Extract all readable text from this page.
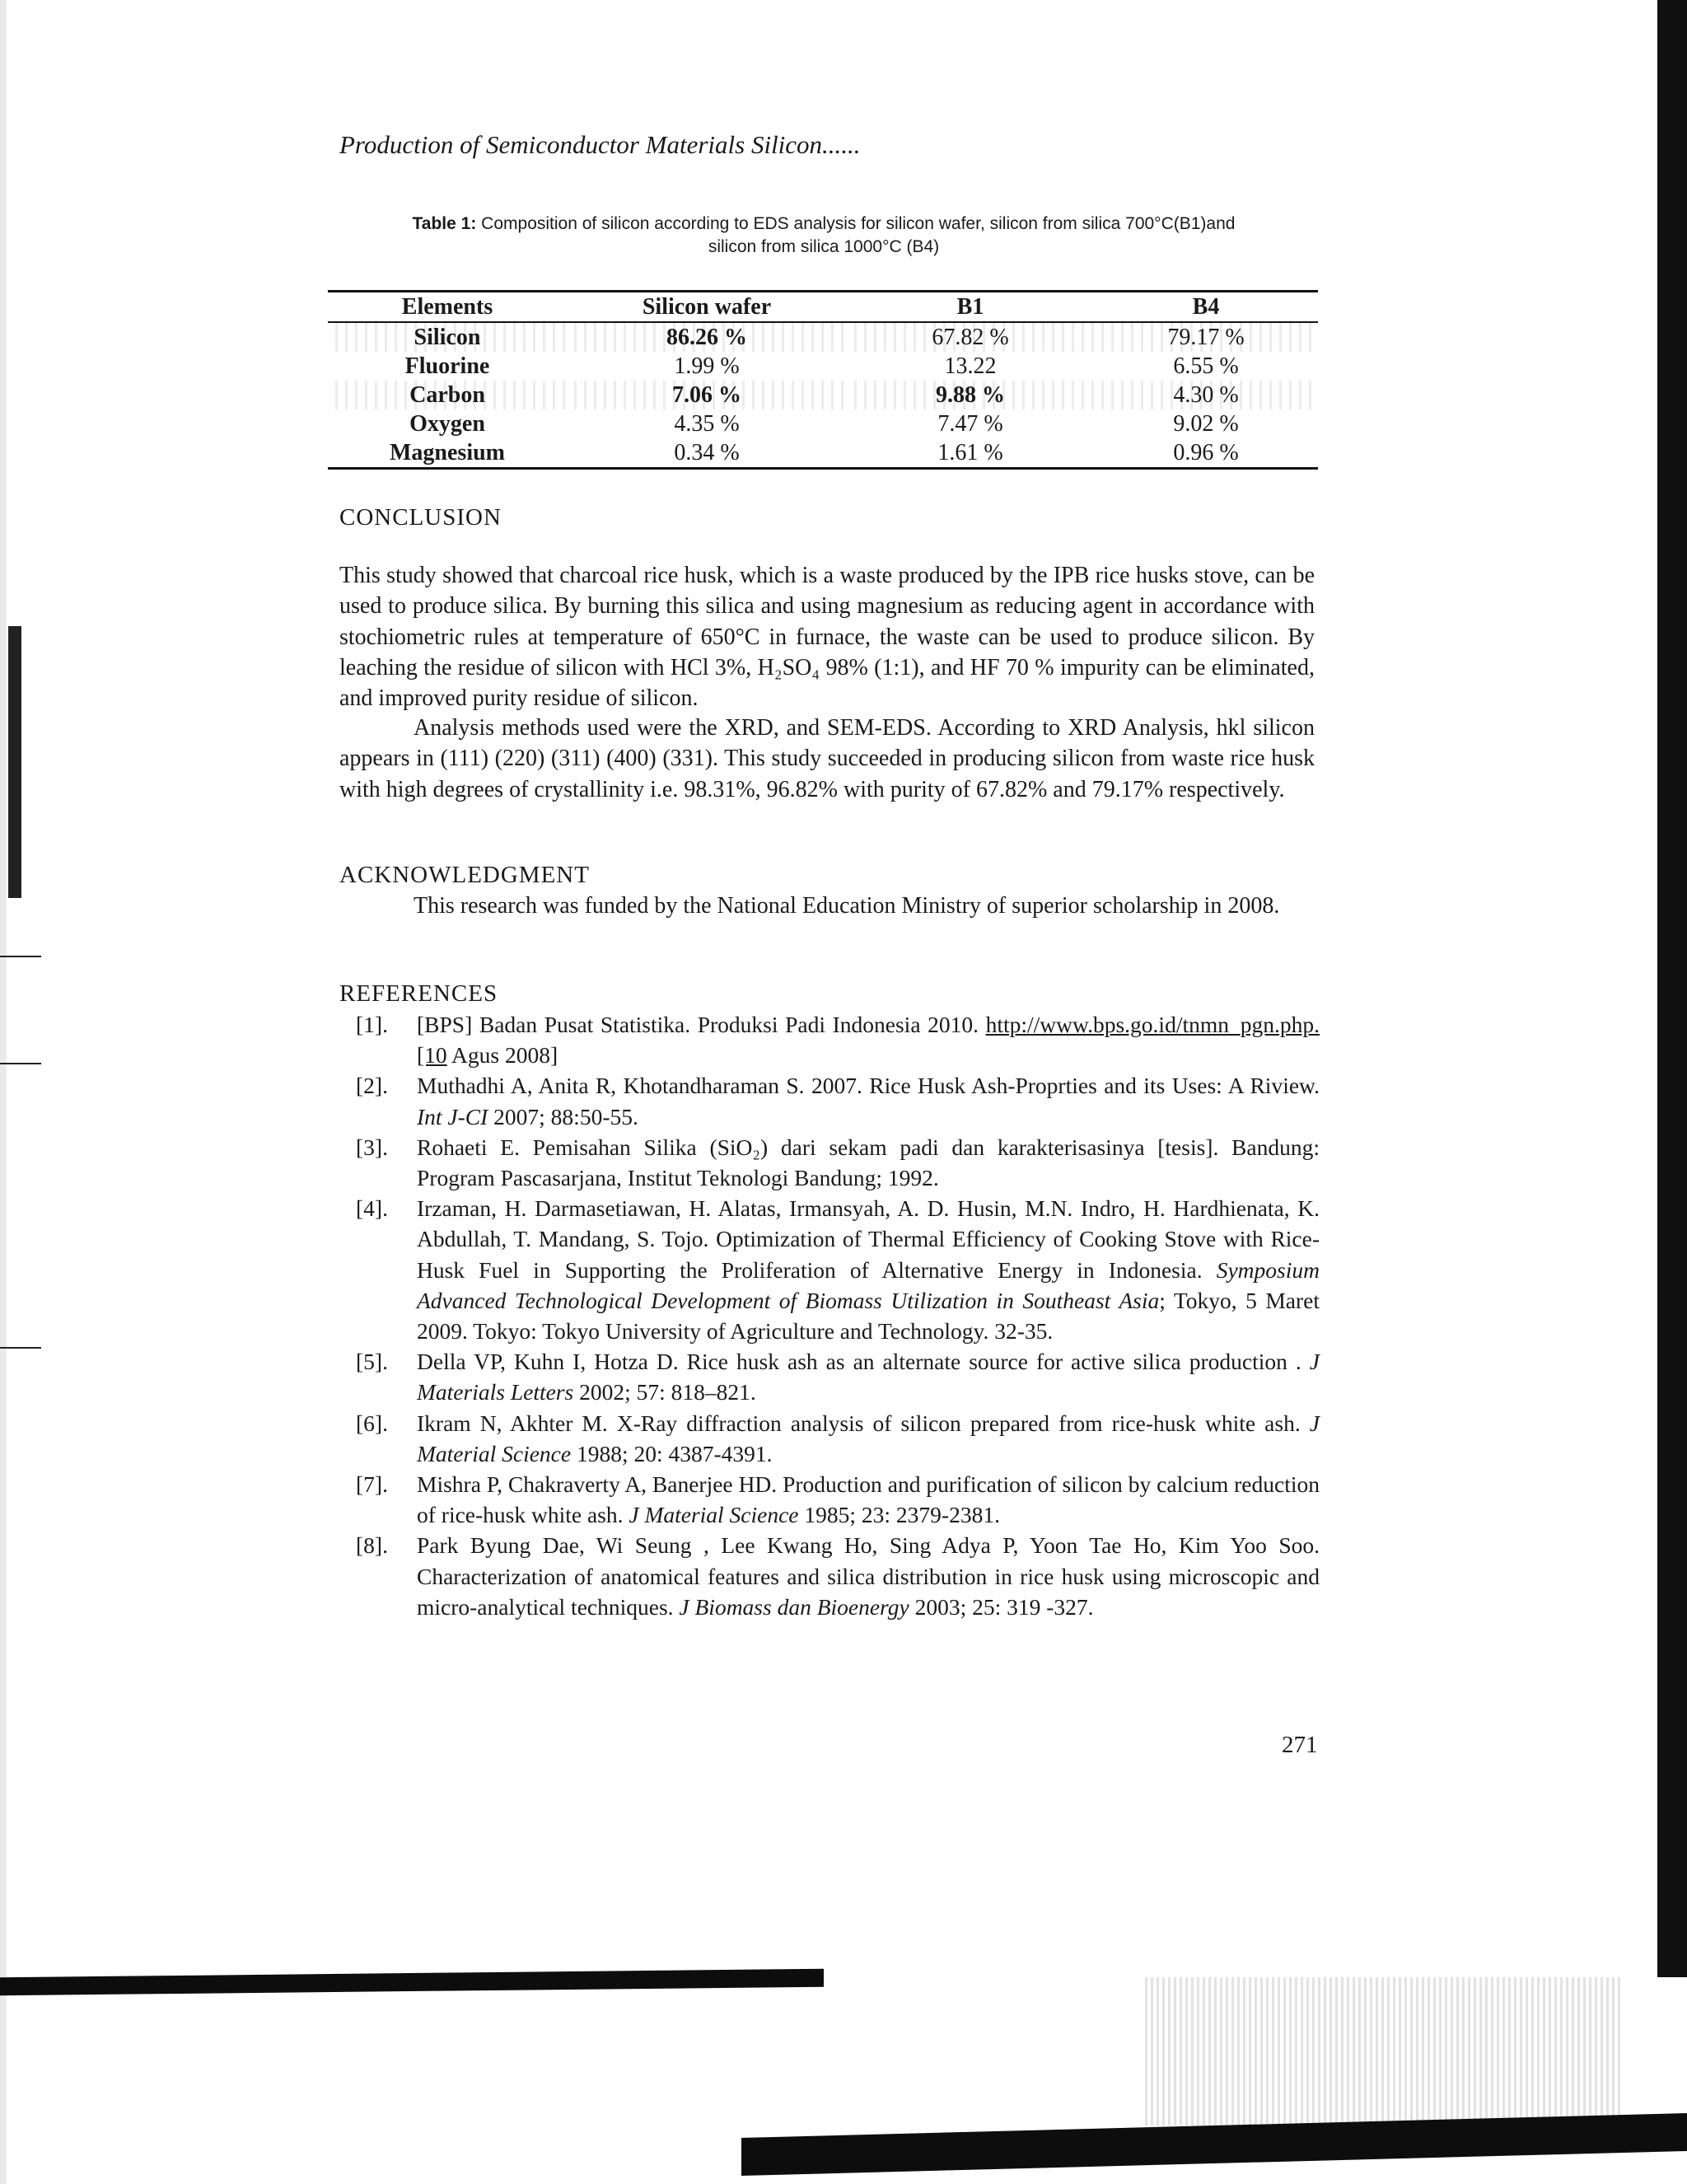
Production of Semiconductor Materials Silicon......
Table 1: Composition of silicon according to EDS analysis for silicon wafer, silicon from silica 700°C(B1)and
silicon from silica 1000°C (B4)
Elements	Silicon wafer	B1	B4
Silicon	86.26 %	67.82 %	79.17 %
Fluorine	1.99 %	13.22	6.55 %
Carbon	7.06 %	9.88 %	4.30 %
Oxygen	4.35 %	7.47 %	9.02 %
Magnesium	0.34 %	1.61 %	0.96 %
CONCLUSION
This study showed that charcoal rice husk, which is a waste produced by the IPB rice husks stove, can be used to produce silica. By burning this silica and using magnesium as reducing agent in accordance with stochiometric rules at temperature of 650°C in furnace, the waste can be used to produce silicon. By leaching the residue of silicon with HCl 3%, H₂SO₄ 98% (1:1), and HF 70 % impurity can be eliminated, and improved purity residue of silicon.
Analysis methods used were the XRD, and SEM-EDS. According to XRD Analysis, hkl silicon appears in (111) (220) (311) (400) (331). This study succeeded in producing silicon from waste rice husk with high degrees of crystallinity i.e. 98.31%, 96.82% with purity of 67.82% and 79.17% respectively.
ACKNOWLEDGMENT
This research was funded by the National Education Ministry of superior scholarship in 2008.
REFERENCES
[1].	[BPS] Badan Pusat Statistika. Produksi Padi Indonesia 2010. http://www.bps.go.id/tnmn_pgn.php. [10 Agus 2008]
[2].	Muthadhi A, Anita R, Khotandharaman S. 2007. Rice Husk Ash-Proprties and its Uses: A Riview. Int J-CI 2007; 88:50-55.
[3].	Rohaeti E. Pemisahan Silika (SiO₂) dari sekam padi dan karakterisasinya [tesis]. Bandung: Program Pascasarjana, Institut Teknologi Bandung; 1992.
[4].	Irzaman, H. Darmasetiawan, H. Alatas, Irmansyah, A. D. Husin, M.N. Indro, H. Hardhienata, K. Abdullah, T. Mandang, S. Tojo. Optimization of Thermal Efficiency of Cooking Stove with Rice-Husk Fuel in Supporting the Proliferation of Alternative Energy in Indonesia. Symposium Advanced Technological Development of Biomass Utilization in Southeast Asia; Tokyo, 5 Maret 2009. Tokyo: Tokyo University of Agriculture and Technology. 32-35.
[5].	Della VP, Kuhn I, Hotza D. Rice husk ash as an alternate source for active silica production . J Materials Letters 2002; 57: 818–821.
[6].	Ikram N, Akhter M. X-Ray diffraction analysis of silicon prepared from rice-husk white ash. J Material Science 1988; 20: 4387-4391.
[7].	Mishra P, Chakraverty A, Banerjee HD. Production and purification of silicon by calcium reduction of rice-husk white ash. J Material Science 1985; 23: 2379-2381.
[8].	Park Byung Dae, Wi Seung , Lee Kwang Ho, Sing Adya P, Yoon Tae Ho, Kim Yoo Soo. Characterization of anatomical features and silica distribution in rice husk using microscopic and micro-analytical techniques. J Biomass dan Bioenergy 2003; 25: 319 -327.
271
